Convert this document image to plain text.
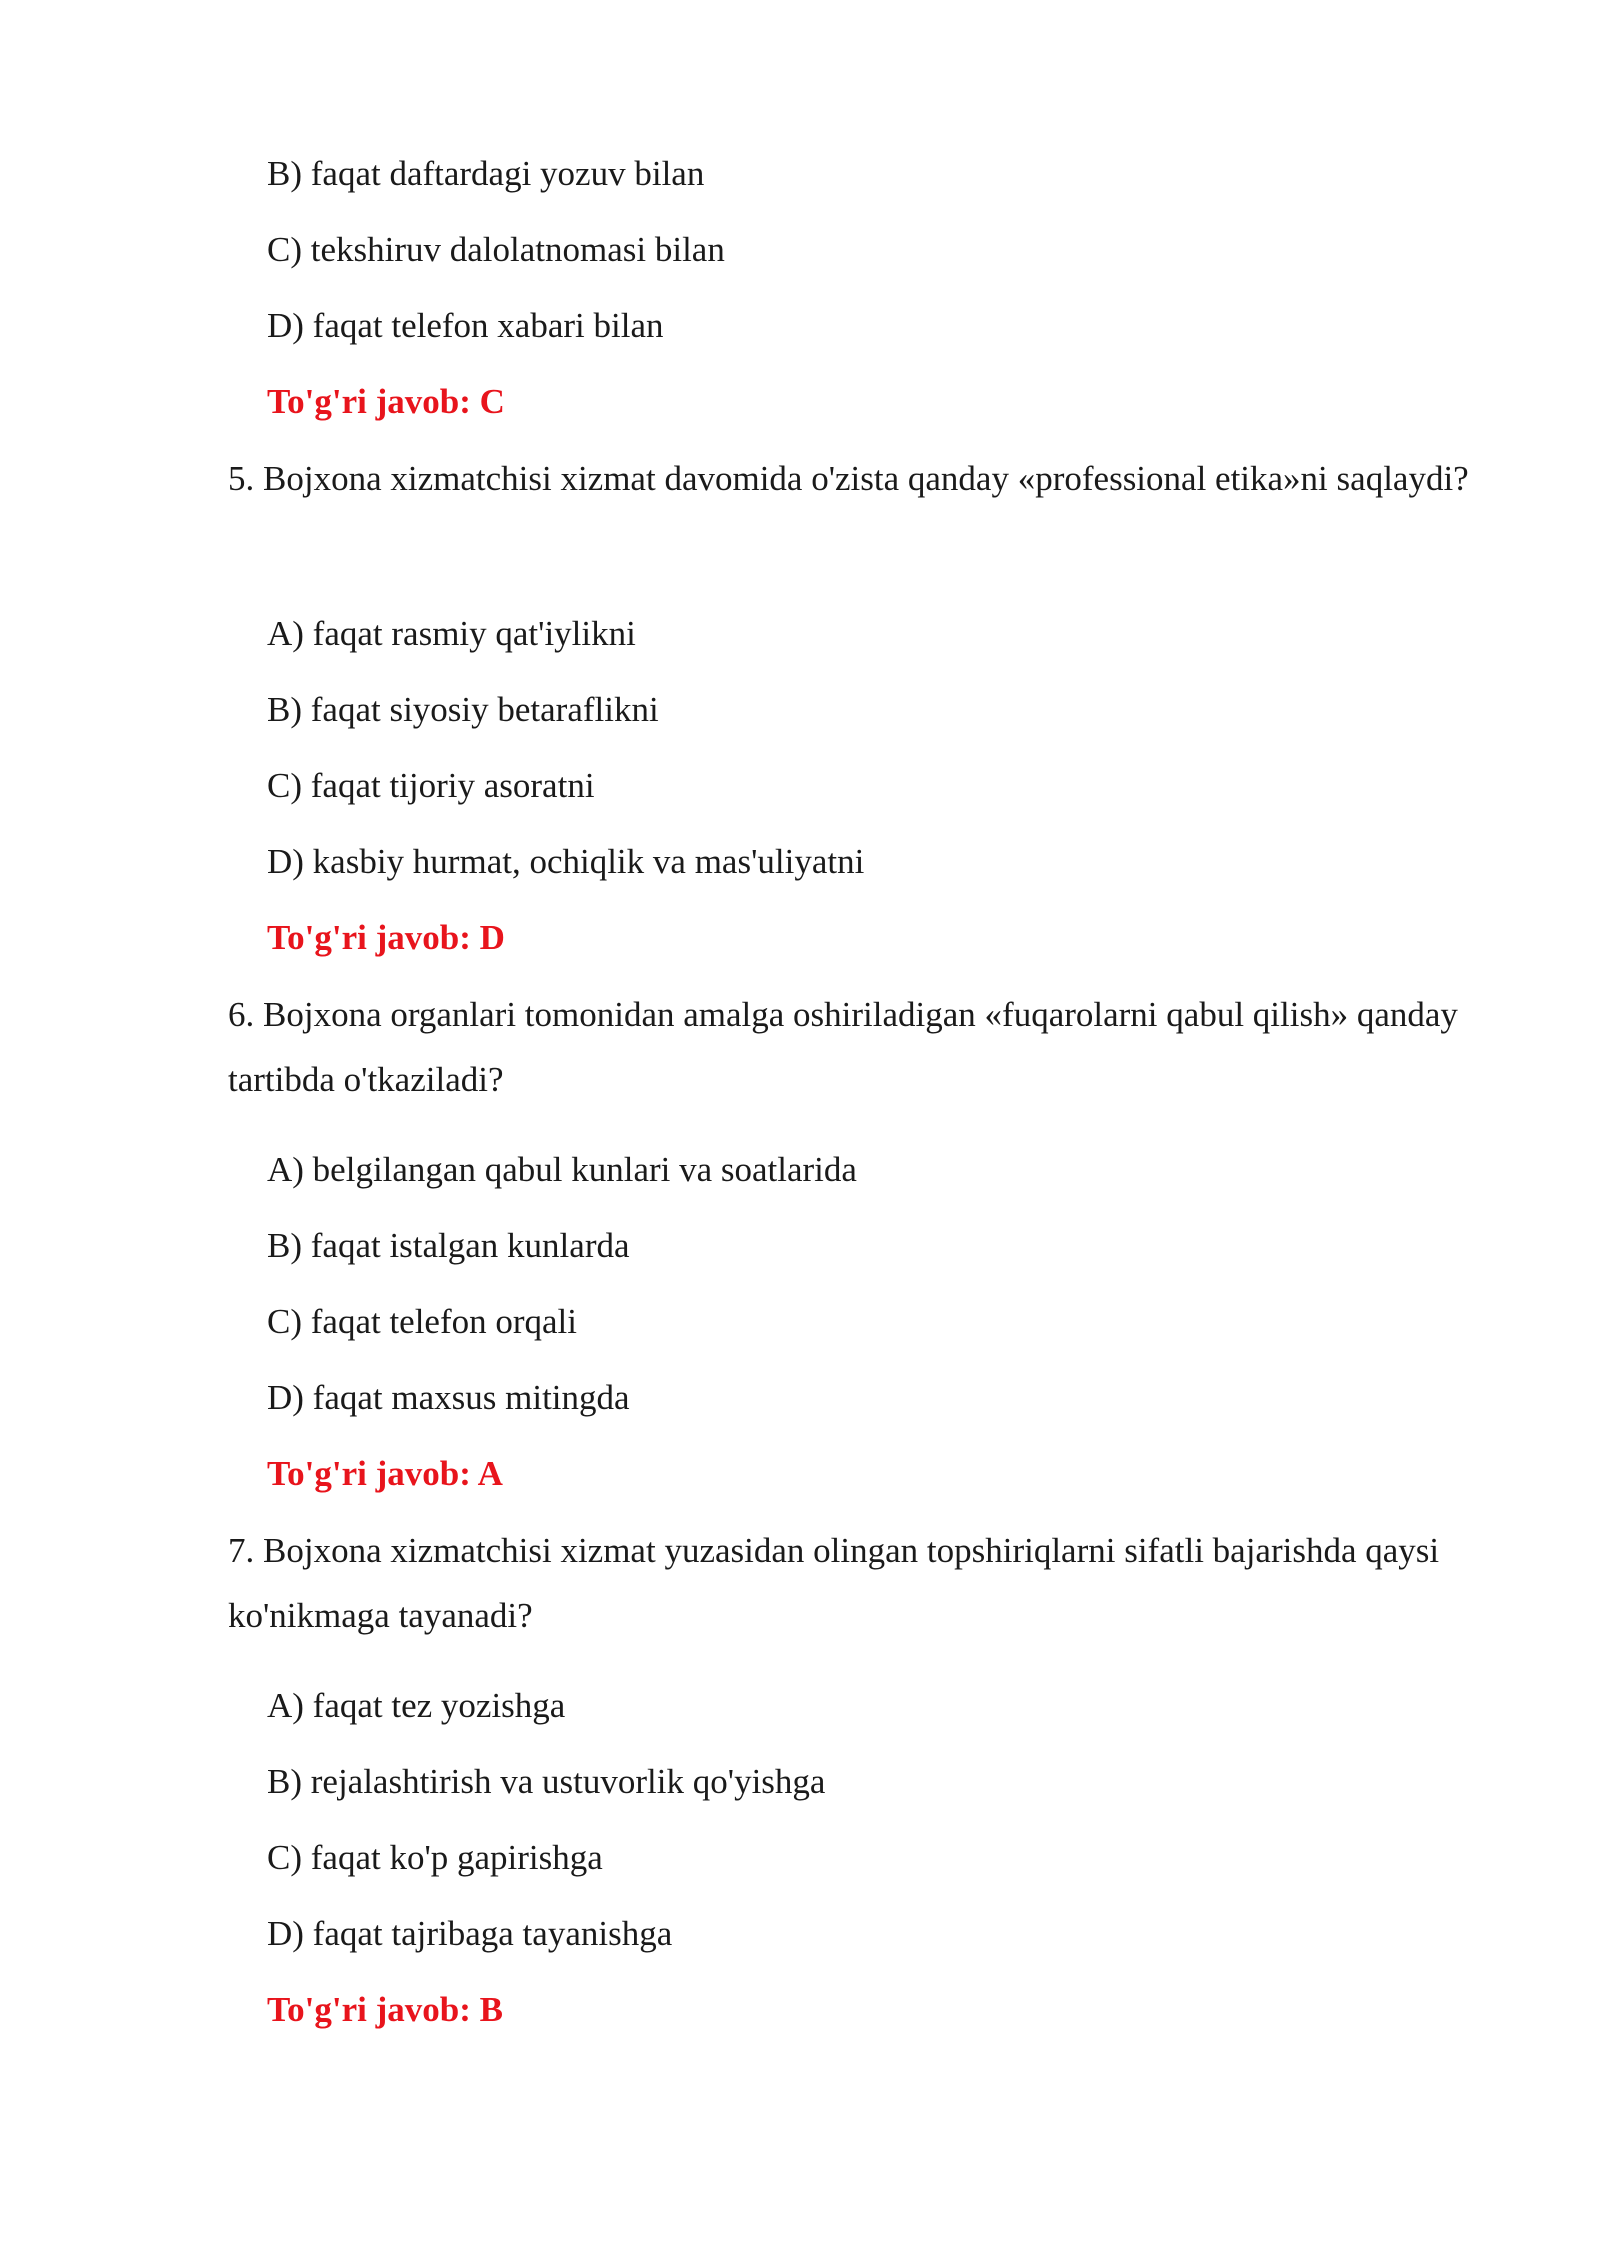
B) faqat daftardagi yozuv bilan
C) tekshiruv dalolatnomasi bilan
D) faqat telefon xabari bilan
To'g'ri javob: C
5. Bojxona xizmatchisi xizmat davomida o'zista qanday «professional etika»ni saqlaydi?
A) faqat rasmiy qat'iylikni
B) faqat siyosiy betaraflikni
C) faqat tijoriy asoratni
D) kasbiy hurmat, ochiqlik va mas'uliyatni
To'g'ri javob: D
6. Bojxona organlari tomonidan amalga oshiriladigan «fuqarolarni qabul qilish» qanday tartibda o'tkaziladi?
A) belgilangan qabul kunlari va soatlarida
B) faqat istalgan kunlarda
C) faqat telefon orqali
D) faqat maxsus mitingda
To'g'ri javob: A
7. Bojxona xizmatchisi xizmat yuzasidan olingan topshiriqlarni sifatli bajarishda qaysi ko'nikmaga tayanadi?
A) faqat tez yozishga
B) rejalashtirish va ustuvorlik qo'yishga
C) faqat ko'p gapirishga
D) faqat tajribaga tayanishga
To'g'ri javob: B
